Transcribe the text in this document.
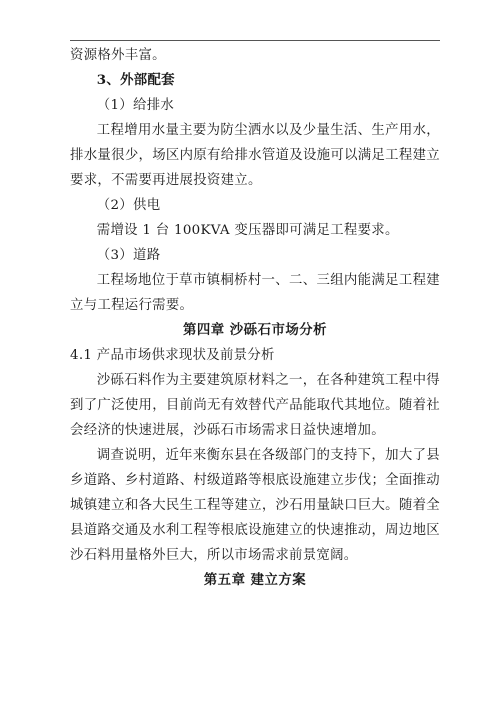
资源格外丰富。

3、外部配套

（1）给排水

工程增用水量主要为防尘洒水以及少量生活、生产用水，排水量很少，场区内原有给排水管道及设施可以满足工程建立要求，不需要再进展投资建立。

（2）供电

需增设 1 台 100KVA 变压器即可满足工程要求。

（3）道路

工程场地位于草市镇桐桥村一、二、三组内能满足工程建立与工程运行需要。

第四章 沙砾石市场分析

4.1 产品市场供求现状及前景分析

沙砾石料作为主要建筑原材料之一，在各种建筑工程中得到了广泛使用，目前尚无有效替代产品能取代其地位。随着社会经济的快速进展，沙砾石市场需求日益快速增加。

调查说明，近年来衡东县在各级部门的支持下，加大了县乡道路、乡村道路、村级道路等根底设施建立步伐；全面推动城镇建立和各大民生工程等建立，沙石用量缺口巨大。随着全县道路交通及水利工程等根底设施建立的快速推动，周边地区沙石料用量格外巨大，所以市场需求前景宽阔。

第五章 建立方案
